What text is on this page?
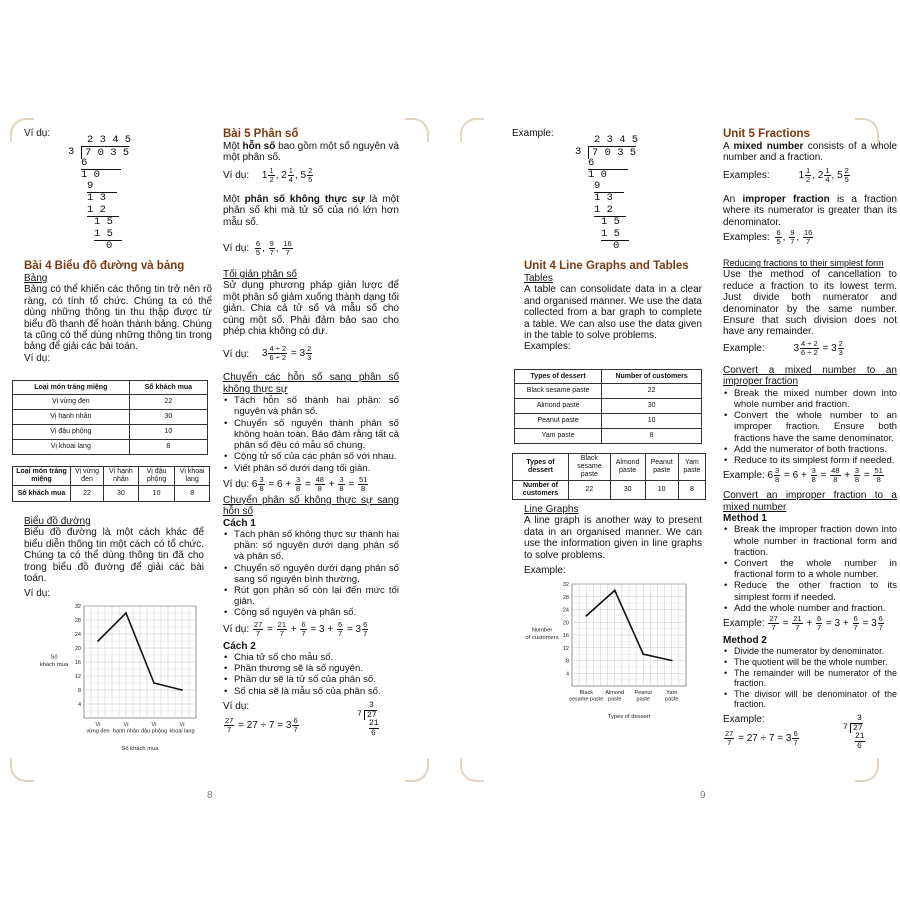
Ví dụ:
2 3 4 5
3	7 0 3 5
6
1 0
9
1 3
1 2
1 5
1 5
0
Bài 4 Biểu đồ đường và bảng
Bảng
Bảng có thể khiến các thông tin trở nên rõ ràng, có tính tổ chức. Chúng ta có thể dùng những thông tin thu thập được từ biểu đồ thanh để hoàn thành bảng. Chúng ta cũng có thể dùng những thông tin trong bảng để giải các bài toán.
Ví dụ:
Loại món tráng miệng	Số khách mua
Vị vừng đen	22
Vị hạnh nhân	30
Vị đậu phộng	10
Vị khoai lang	8
Loại món tráng miệng	Vị vừng đen	Vị hạnh nhân	Vị đậu phộng	Vị khoai lang
Số khách mua	22	30	10	8
Biểu đồ đường
Biểu đồ đường là một cách khác để biểu diễn thông tin một cách có tổ chức. Chúng ta có thể dùng thông tin đã cho trong biểu đồ đường để giải các bài toán.
Ví dụ:
4
8
12
16
20
24
28
32
Số khách mua
Vị vừng đen
Vị hạnh nhân
Vị đậu phộng
Vị khoai lang
Số khách mua
Bài 5 Phân số
Một hỗn số bao gồm một số nguyên và một phân số.
Ví dụ: $1 \frac{1}{2}$ , $2 \frac{1}{4}$ , $5 \frac{2}{5}$
Một phân số không thực sự là một phân số khi mà tử số của nó lớn hơn mẫu số.
Ví dụ: $\frac{6}{5}$ , $\frac{9}{7}$ , $\frac{16}{7}$
Tối giản phân số
Sử dụng phương pháp giản lược để một phân số giảm xuống thành dạng tối giản. Chia cả tử số và mẫu số cho cùng một số. Phải đảm bảo sao cho phép chia không có dư.
Ví dụ: $3 \frac{4 \div 2}{6 \div 2} = 3 \frac{2}{3}$
Chuyển các hỗn số sang phân số không thực sự
• Tách hỗn số thành hai phần: số nguyên và phân số.
• Chuyển số nguyên thành phân số không hoàn toàn. Bảo đảm rằng tất cả phân số đều có mẫu số chung.
• Cộng tử số của các phân số với nhau.
• Viết phân số dưới dạng tối giản.
Ví dụ: $6 \frac{3}{8} = 6 + \frac{3}{8} = \frac{48}{8} + \frac{3}{8} = \frac{51}{8}$
Chuyển phân số không thực sự sang hỗn số
Cách 1
• Tách phân số không thực sự thành hai phần: số nguyên dưới dạng phân số và phân số.
• Chuyển số nguyên dưới dạng phân số sang số nguyên bình thường.
• Rút gọn phân số còn lại đến mức tối giản.
• Cộng số nguyên và phân số.
Ví dụ: $\frac{27}{7} = \frac{21}{7} + \frac{6}{7} = 3 + \frac{6}{7} = 3 \frac{6}{7}$
Cách 2
• Chia tử số cho mẫu số.
• Phần thương sẽ là số nguyên.
• Phần dư sẽ là tử số của phân số.
• Số chia sẽ là mẫu số của phân số.
Ví dụ:
$\frac{27}{7} = 27 \div 7 = 3 \frac{6}{7}$
3
7 27
21
6
8
Example:
2 3 4 5
3	7 0 3 5
6
1 0
9
1 3
1 2
1 5
1 5
0
Unit 4 Line Graphs and Tables
Tables
A table can consolidate data in a clear and organised manner. We use the data collected from a bar graph to complete a table. We can also use the data given in the table to solve problems.
Examples:
Types of dessert	Number of customers
Black sesame paste	22
Almond paste	30
Peanut paste	10
Yam paste	8
Types of dessert	Black sesame paste	Almond paste	Peanut paste	Yam paste
Number of customers	22	30	10	8
Line Graphs
A line graph is another way to present data in an organised manner. We can use the information given in line graphs to solve problems.
Example:
4
8
12
16
20
24
28
32
Number of customers
Black sesame paste
Almond paste
Peanut paste
Yam paste
Types of dessert
Unit 5 Fractions
A mixed number consists of a whole number and a fraction.
Examples:	$1 \frac{1}{2}$ , $2 \frac{1}{4}$ , $5 \frac{2}{5}$
An improper fraction is a fraction where its numerator is greater than its denominator.
Examples: $\frac{6}{5}$ , $\frac{9}{7}$ , $\frac{16}{7}$
Reducing fractions to their simplest form
Use the method of cancellation to reduce a fraction to its lowest term. Just divide both numerator and denominator by the same number. Ensure that such division does not have any remainder.
Example:	$3 \frac{4 \div 2}{6 \div 2} = 3 \frac{2}{3}$
Convert a mixed number to an improper fraction
• Break the mixed number down into whole number and fraction.
• Convert the whole number to an improper fraction. Ensure both fractions have the same denominator.
• Add the numerator of both fractions.
• Reduce to its simplest form if needed.
Example: $6 \frac{3}{8} = 6 + \frac{3}{8} = \frac{48}{8} + \frac{3}{8} = \frac{51}{8}$
Convert an improper fraction to a mixed number
Method 1
• Break the improper fraction down into whole number in fractional form and fraction.
• Convert the whole number in fractional form to a whole number.
• Reduce the other fraction to its simplest form if needed.
• Add the whole number and fraction.
Example: $\frac{27}{7} = \frac{21}{7} + \frac{6}{7} = 3 + \frac{6}{7} = 3 \frac{6}{7}$
Method 2
• Divide the numerator by denominator.
• The quotient will be the whole number.
• The remainder will be numerator of the fraction.
• The divisor will be denominator of the fraction.
Example:
$\frac{27}{7} = 27 \div 7 = 3 \frac{6}{7}$
3
7 27
21
6
9
